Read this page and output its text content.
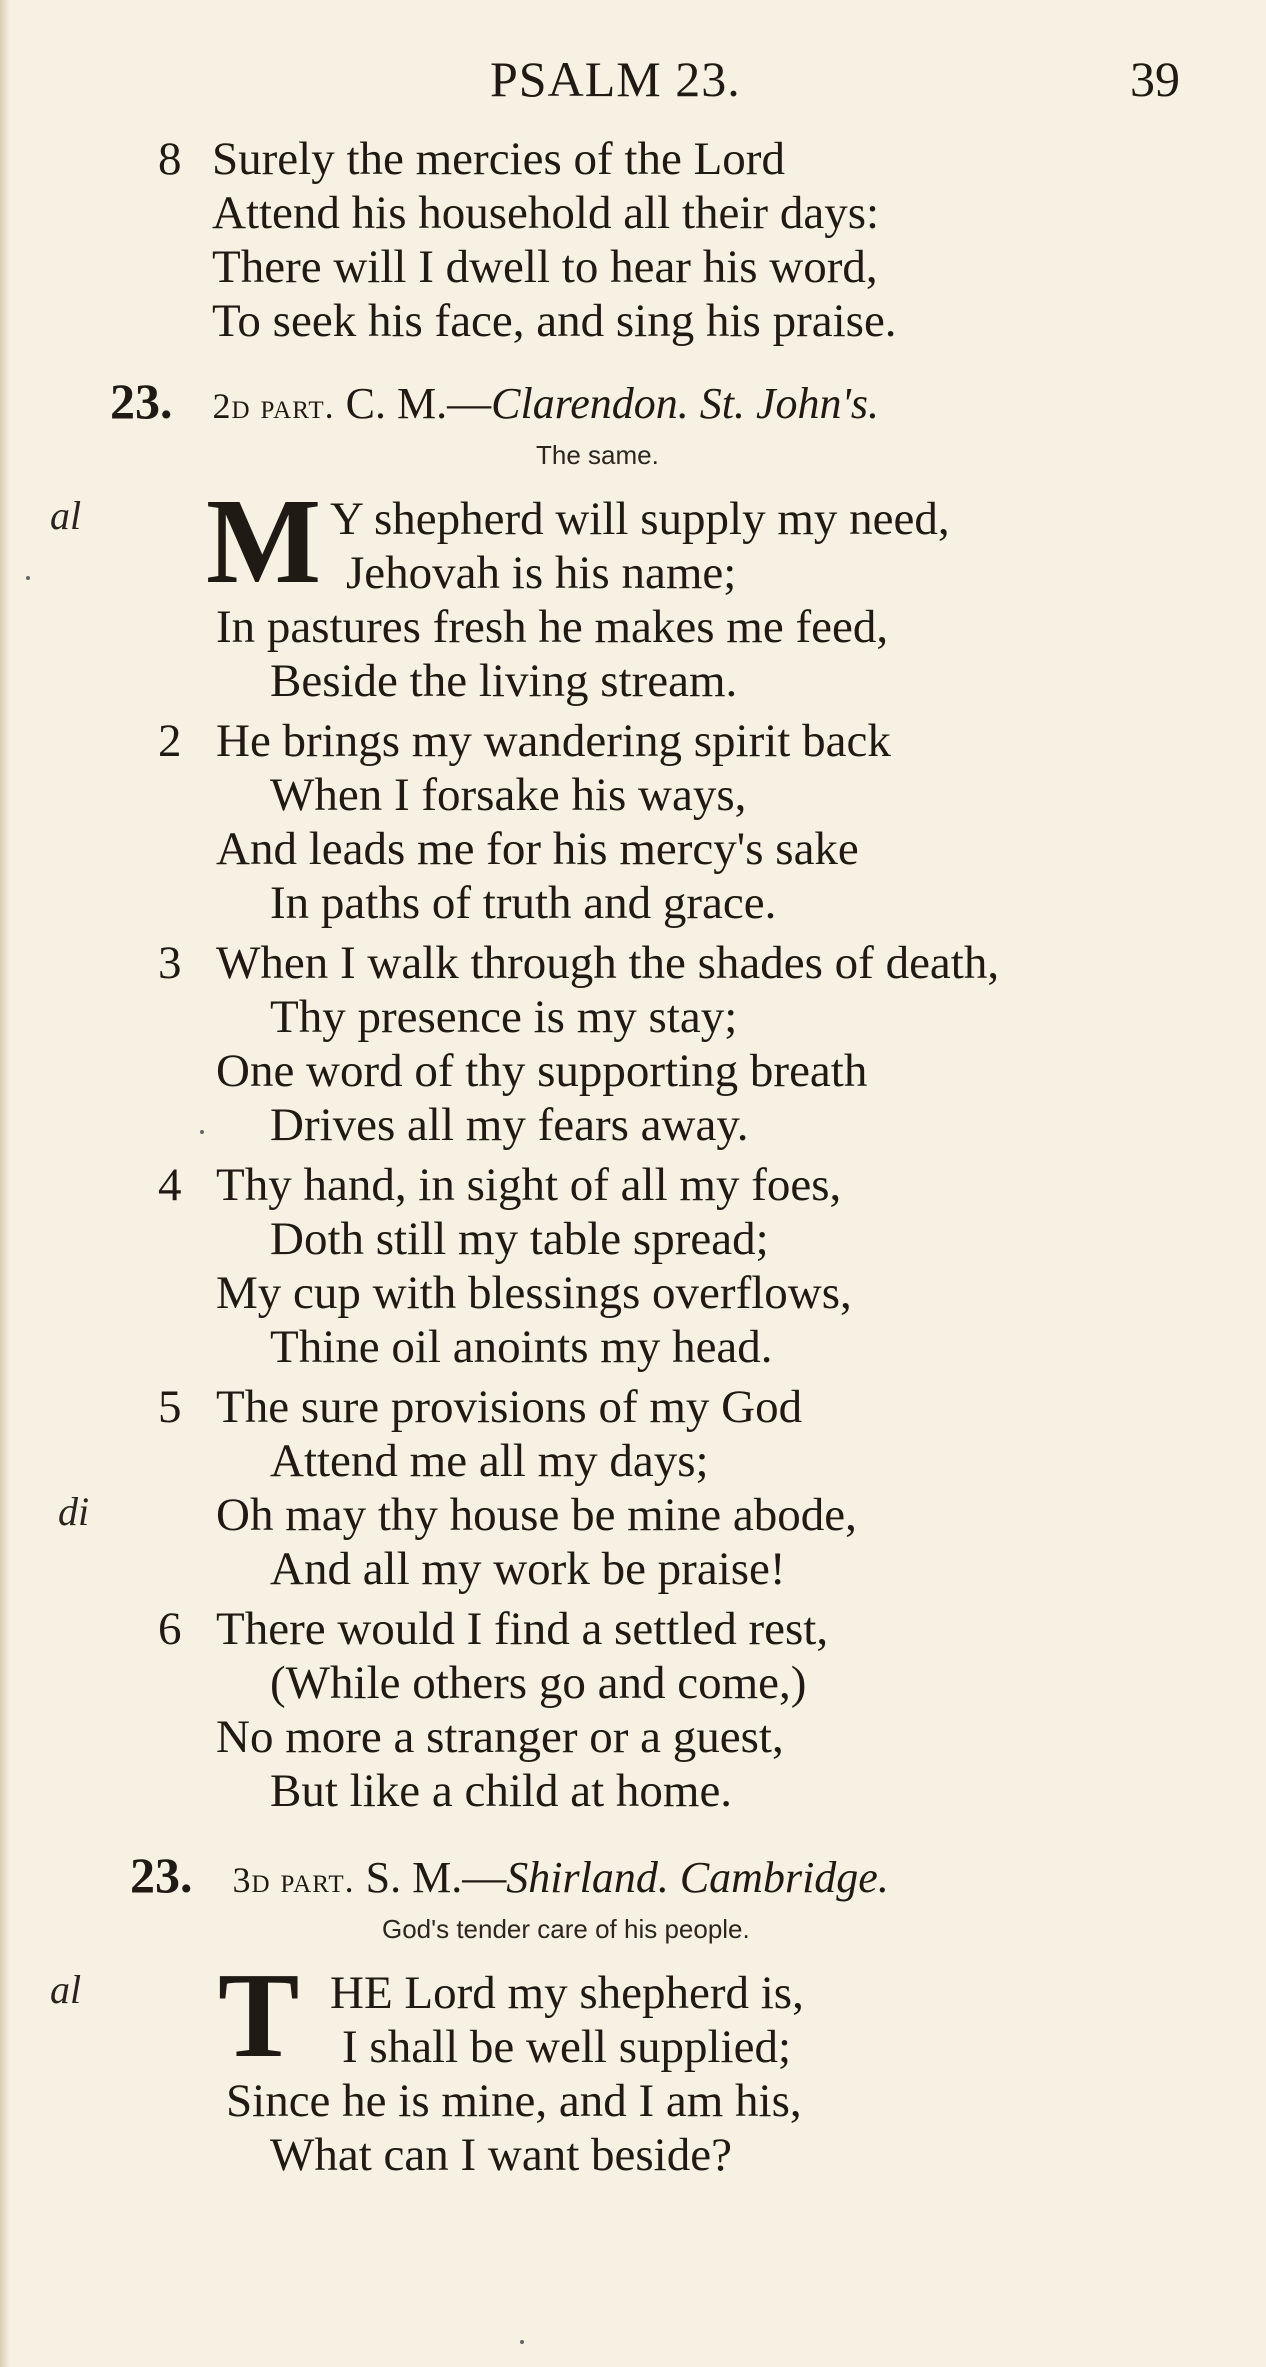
PSALM 23.	39
8 Surely the mercies of the Lord
Attend his household all their days:
There will I dwell to hear his word,
To seek his face, and sing his praise.
23. 2d part. C. M.—Clarendon. St. John's.
The same.
al M Y shepherd will supply my need,
Jehovah is his name;
In pastures fresh he makes me feed,
Beside the living stream.
2 He brings my wandering spirit back
When I forsake his ways,
And leads me for his mercy's sake
In paths of truth and grace.
3 When I walk through the shades of death,
Thy presence is my stay;
One word of thy supporting breath
Drives all my fears away.
4 Thy hand, in sight of all my foes,
Doth still my table spread;
My cup with blessings overflows,
Thine oil anoints my head.
5 The sure provisions of my God
Attend me all my days;
di	Oh may thy house be mine abode,
And all my work be praise!
6 There would I find a settled rest,
(While others go and come,)
No more a stranger or a guest,
But like a child at home.
23. 3d part. S. M.—Shirland. Cambridge.
God's tender care of his people.
al T HE Lord my shepherd is,
I shall be well supplied;
Since he is mine, and I am his,
What can I want beside?
